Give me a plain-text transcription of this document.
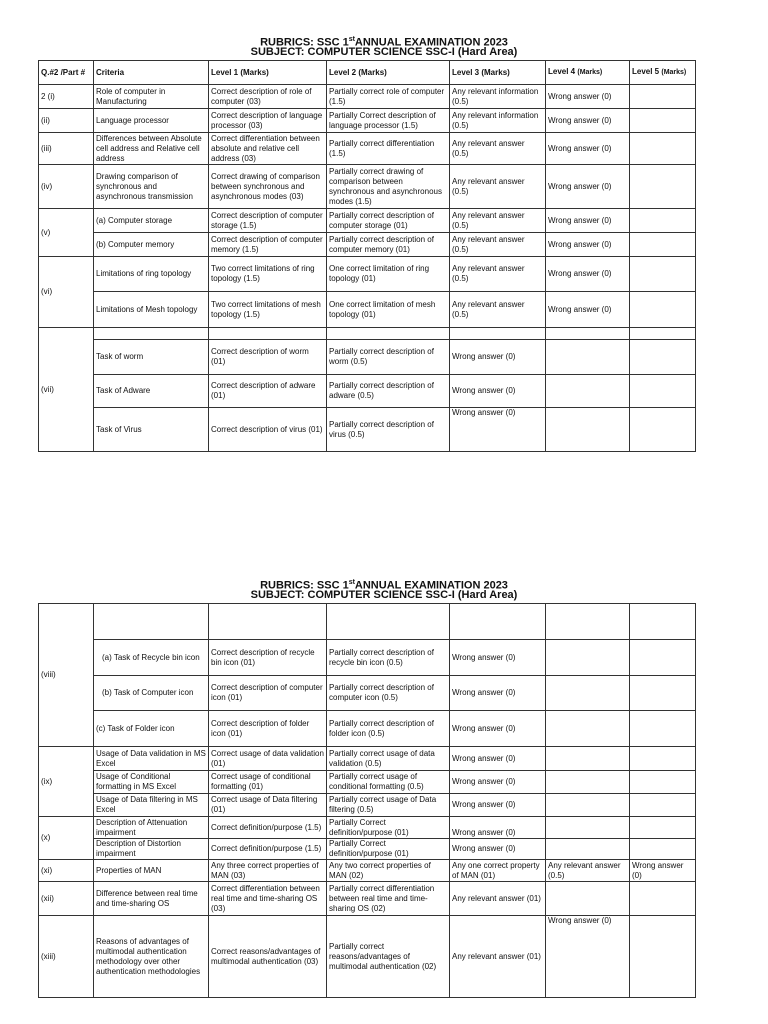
RUBRICS: SSC 1stANNUAL EXAMINATION 2023
SUBJECT: COMPUTER SCIENCE SSC-I (Hard Area)
Q.#2 /Part #	Criteria	Level 1 (Marks)	Level 2 (Marks)	Level 3 (Marks)	Level 4 (Marks)	Level 5 (Marks)
2 (i)	Role of computer in Manufacturing	Correct description of role of computer (03)	Partially correct role of computer (1.5)	Any relevant information (0.5)	Wrong answer (0)	
(ii)	Language processor	Correct description of language processor (03)	Partially Correct description of language processor (1.5)	Any relevant information (0.5)	Wrong answer (0)	
(iii)	Differences between Absolute cell address and Relative cell address	Correct differentiation between absolute and relative cell address (03)	Partially correct differentiation (1.5)	Any relevant answer (0.5)	Wrong answer (0)	
(iv)	Drawing comparison of synchronous and asynchronous transmission	Correct drawing of comparison between synchronous and asynchronous modes (03)	Partially correct drawing of comparison between synchronous and asynchronous modes (1.5)	Any relevant answer (0.5)	Wrong answer (0)	
(v)	(a) Computer storage	Correct description of computer storage (1.5)	Partially correct description of computer storage (01)	Any relevant answer (0.5)	Wrong answer (0)	
	(b) Computer memory	Correct description of computer memory (1.5)	Partially correct description of computer memory (01)	Any relevant answer (0.5)	Wrong answer (0)	
(vi)	Limitations of ring topology	Two correct limitations of ring topology (1.5)	One correct limitation of ring topology (01)	Any relevant answer (0.5)	Wrong answer (0)	
	Limitations of Mesh topology	Two correct limitations of mesh topology (1.5)	One correct limitation of mesh topology (01)	Any relevant answer (0.5)	Wrong answer (0)	
(vii)						
	Task of worm	Correct description of worm (01)	Partially correct description of worm (0.5)	Wrong answer (0)		
	Task of Adware	Correct description of adware (01)	Partially correct description of adware (0.5)	Wrong answer (0)		
	Task of Virus	Correct description of virus (01)	Partially correct description of virus (0.5)	Wrong answer (0)		
RUBRICS: SSC 1stANNUAL EXAMINATION 2023
SUBJECT: COMPUTER SCIENCE SSC-I (Hard Area)
(viii)						
	(a) Task of Recycle bin icon	Correct description of recycle bin icon (01)	Partially correct description of recycle bin icon (0.5)	Wrong answer (0)		
	(b) Task of Computer icon	Correct description of computer icon (01)	Partially correct description of computer icon (0.5)	Wrong answer (0)		
	(c) Task of Folder icon	Correct description of folder icon (01)	Partially correct description of folder icon (0.5)	Wrong answer (0)		
(ix)	Usage of Data validation in MS Excel	Correct usage of data validation (01)	Partially correct usage of data validation (0.5)	Wrong answer (0)		
	Usage of Conditional formatting in MS Excel	Correct usage of conditional formatting (01)	Partially correct usage of conditional formatting (0.5)	Wrong answer (0)		
	Usage of Data filtering in MS Excel	Correct usage of Data filtering (01)	Partially correct usage of Data filtering (0.5)	Wrong answer (0)		
(x)	Description of Attenuation impairment	Correct definition/purpose (1.5)	Partially Correct definition/purpose (01)	Wrong answer (0)		
	Description of Distortion impairment	Correct definition/purpose (1.5)	Partially Correct definition/purpose (01)	Wrong answer (0)		
(xi)	Properties of MAN	Any three correct properties of MAN (03)	Any two correct properties of MAN (02)	Any one correct property of MAN (01)	Any relevant answer (0.5)	Wrong answer (0)
(xii)	Difference between real time and time-sharing OS	Correct differentiation between real time and time-sharing OS (03)	Partially correct differentiation between real time and time-sharing OS (02)	Any relevant answer (01)		
(xiii)	Reasons of advantages of multimodal authentication methodology over other authentication methodologies	Correct reasons/advantages of multimodal authentication (03)	Partially correct reasons/advantages of multimodal authentication (02)	Any relevant answer (01)	Wrong answer (0)	
